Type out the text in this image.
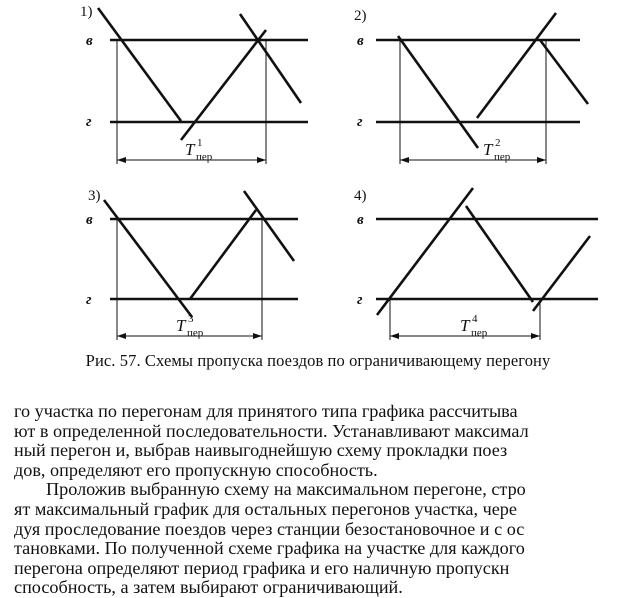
1)
в
г
T 1
пер
2)
в
г
T 2
пер
3)
в
г
T 3
пер
4)
в
г
T 4
пер
Рис. 57. Схемы пропуска поездов по ограничивающему перегону

го участка по перегонам для принятого типа графика рассчитыва

ют в определенной последовательности. Устанавливают максимал

ный перегон и, выбрав наивыгоднейшую схему прокладки поез

дов, определяют его пропускную способность.

Проложив выбранную схему на максимальном перегоне, стро

ят максимальный график для остальных перегонов участка, чере

дуя проследование поездов через станции безостановочное и с ос

тановками. По полученной схеме графика на участке для каждого

перегона определяют период графика и его наличную пропускн

способность, а затем выбирают ограничивающий.
